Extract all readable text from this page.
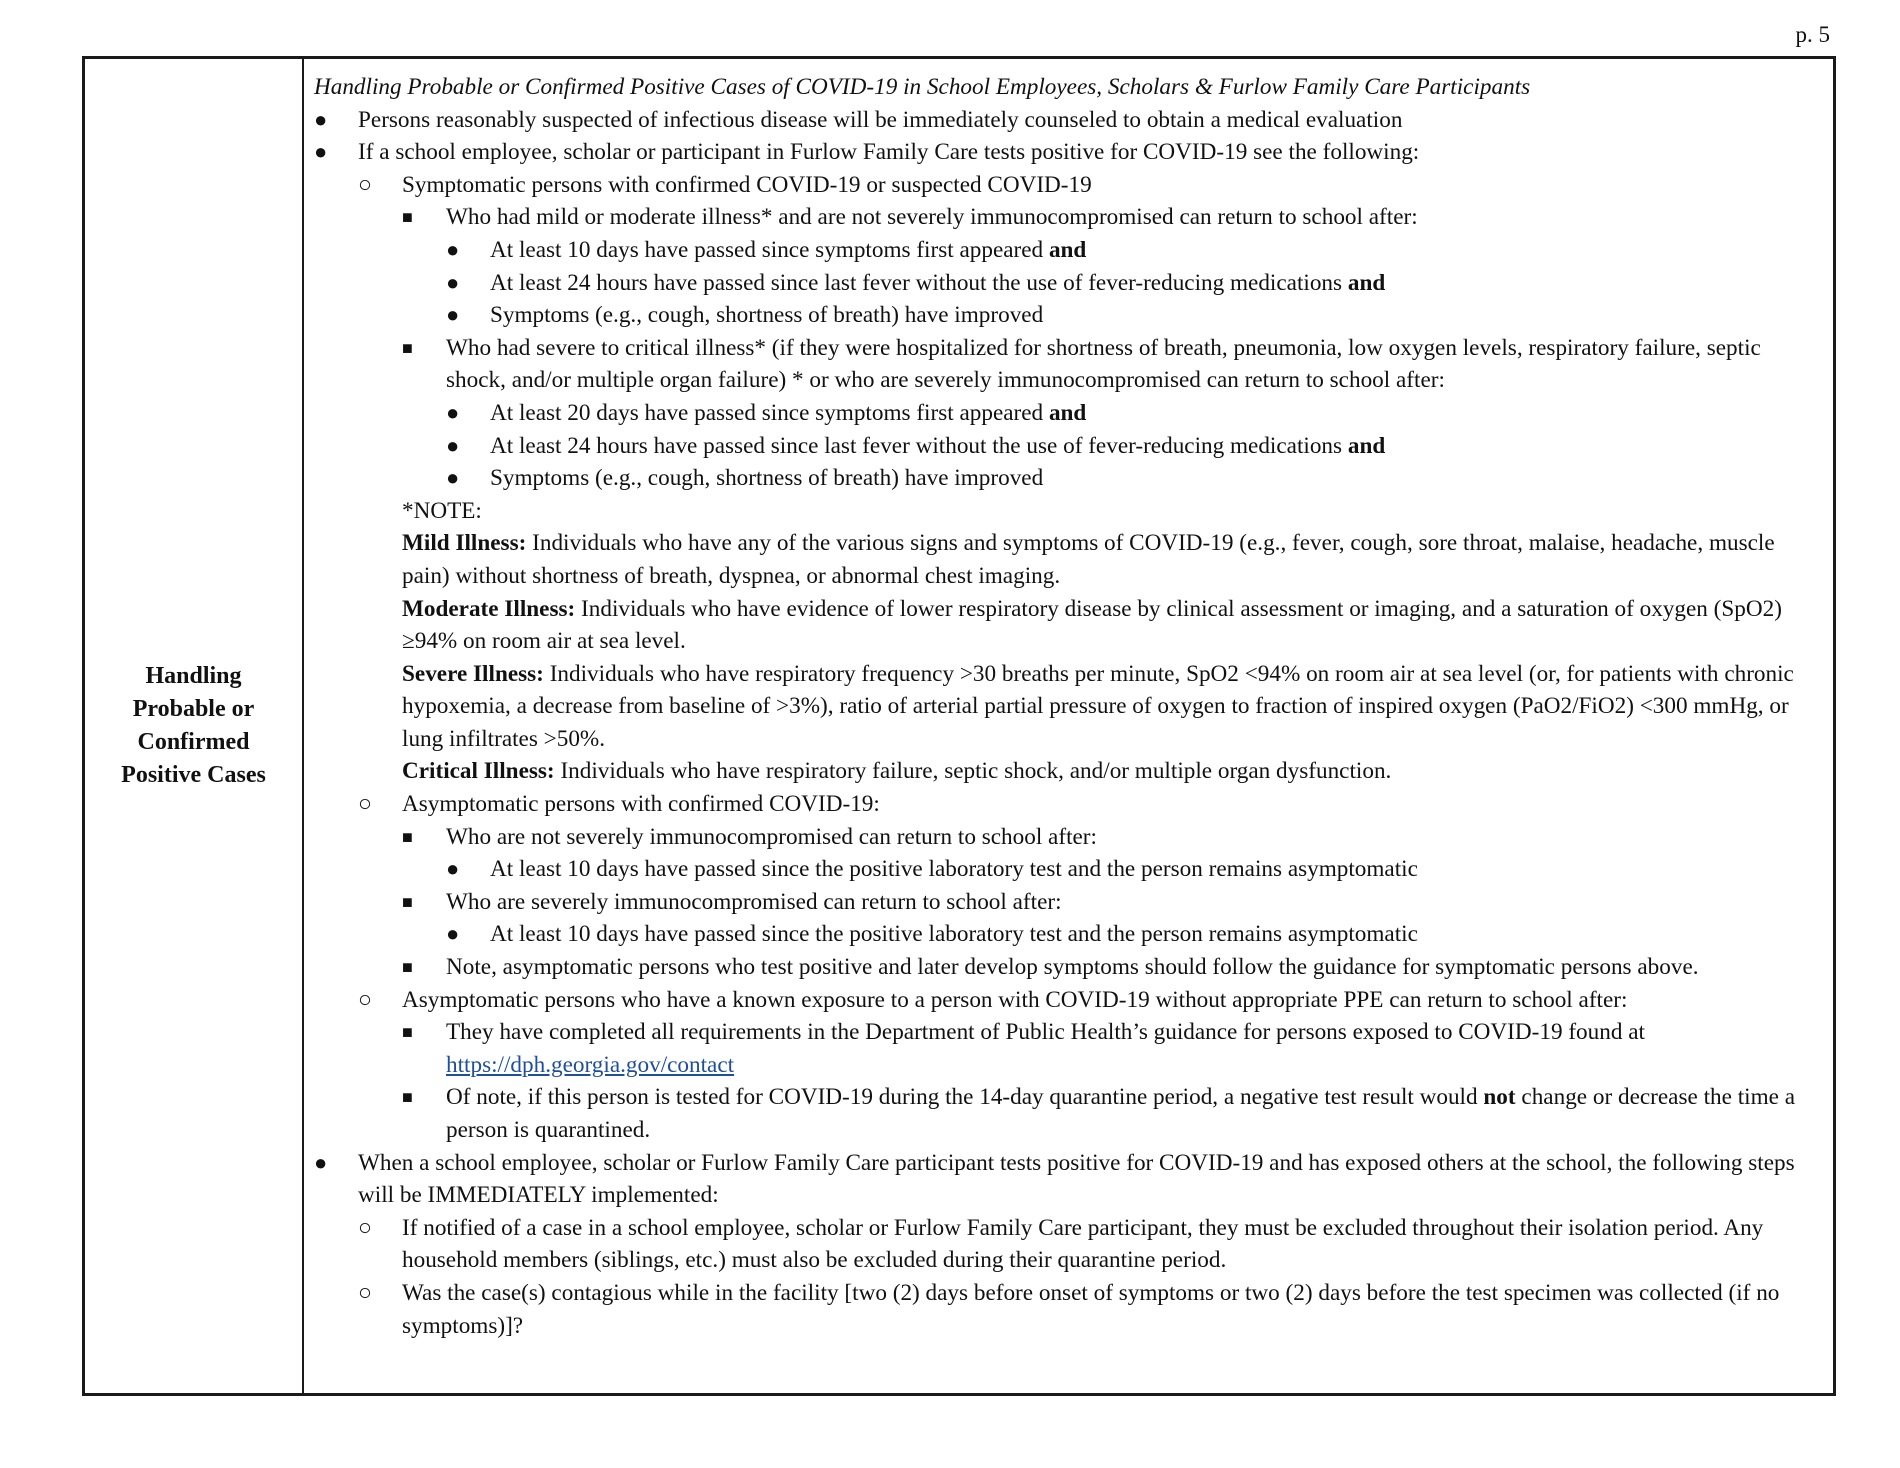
p. 5
Handling
Probable or
Confirmed
Positive Cases
Handling Probable or Confirmed Positive Cases of COVID-19 in School Employees, Scholars & Furlow Family Care Participants
●	Persons reasonably suspected of infectious disease will be immediately counseled to obtain a medical evaluation
●	If a school employee, scholar or participant in Furlow Family Care tests positive for COVID-19 see the following:
○	Symptomatic persons with confirmed COVID-19 or suspected COVID-19
■	Who had mild or moderate illness* and are not severely immunocompromised can return to school after:
●	At least 10 days have passed since symptoms first appeared and
●	At least 24 hours have passed since last fever without the use of fever-reducing medications and
●	Symptoms (e.g., cough, shortness of breath) have improved
■	Who had severe to critical illness* (if they were hospitalized for shortness of breath, pneumonia, low oxygen levels, respiratory failure, septic shock, and/or multiple organ failure) * or who are severely immunocompromised can return to school after:
●	At least 20 days have passed since symptoms first appeared and
●	At least 24 hours have passed since last fever without the use of fever-reducing medications and
●	Symptoms (e.g., cough, shortness of breath) have improved
*NOTE:
Mild Illness: Individuals who have any of the various signs and symptoms of COVID-19 (e.g., fever, cough, sore throat, malaise, headache, muscle pain) without shortness of breath, dyspnea, or abnormal chest imaging.
Moderate Illness: Individuals who have evidence of lower respiratory disease by clinical assessment or imaging, and a saturation of oxygen (SpO2) ≥94% on room air at sea level.
Severe Illness: Individuals who have respiratory frequency >30 breaths per minute, SpO2 <94% on room air at sea level (or, for patients with chronic hypoxemia, a decrease from baseline of >3%), ratio of arterial partial pressure of oxygen to fraction of inspired oxygen (PaO2/FiO2) <300 mmHg, or lung infiltrates >50%.
Critical Illness: Individuals who have respiratory failure, septic shock, and/or multiple organ dysfunction.
○	Asymptomatic persons with confirmed COVID-19:
■	Who are not severely immunocompromised can return to school after:
●	At least 10 days have passed since the positive laboratory test and the person remains asymptomatic
■	Who are severely immunocompromised can return to school after:
●	At least 10 days have passed since the positive laboratory test and the person remains asymptomatic
■	Note, asymptomatic persons who test positive and later develop symptoms should follow the guidance for symptomatic persons above.
○	Asymptomatic persons who have a known exposure to a person with COVID-19 without appropriate PPE can return to school after:
■	They have completed all requirements in the Department of Public Health’s guidance for persons exposed to COVID-19 found at https://dph.georgia.gov/contact
■	Of note, if this person is tested for COVID-19 during the 14-day quarantine period, a negative test result would not change or decrease the time a person is quarantined.
●	When a school employee, scholar or Furlow Family Care participant tests positive for COVID-19 and has exposed others at the school, the following steps will be IMMEDIATELY implemented:
○	If notified of a case in a school employee, scholar or Furlow Family Care participant, they must be excluded throughout their isolation period. Any household members (siblings, etc.) must also be excluded during their quarantine period.
○	Was the case(s) contagious while in the facility [two (2) days before onset of symptoms or two (2) days before the test specimen was collected (if no symptoms)]?
